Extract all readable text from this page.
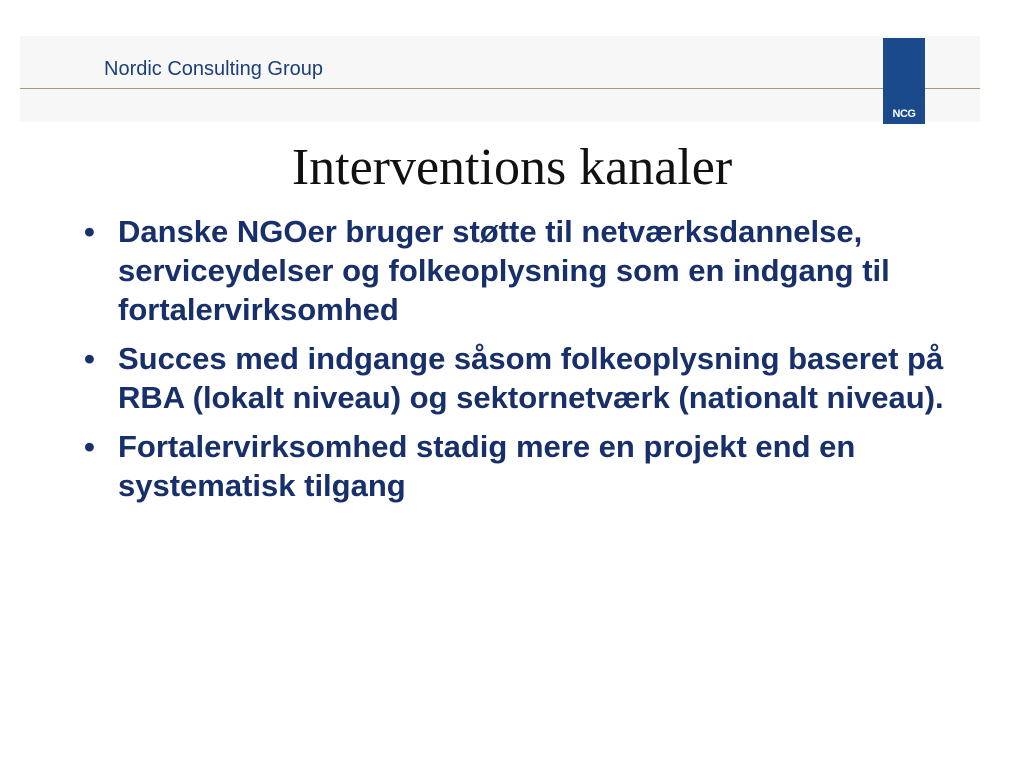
Nordic Consulting Group
NCG
Interventions kanaler
• Danske NGOer bruger støtte til netværksdannelse, serviceydelser og folkeoplysning som en indgang til fortalervirksomhed
• Succes med indgange såsom folkeoplysning baseret på RBA (lokalt niveau) og sektornetværk (nationalt niveau).
• Fortalervirksomhed stadig mere en projekt end en systematisk tilgang
